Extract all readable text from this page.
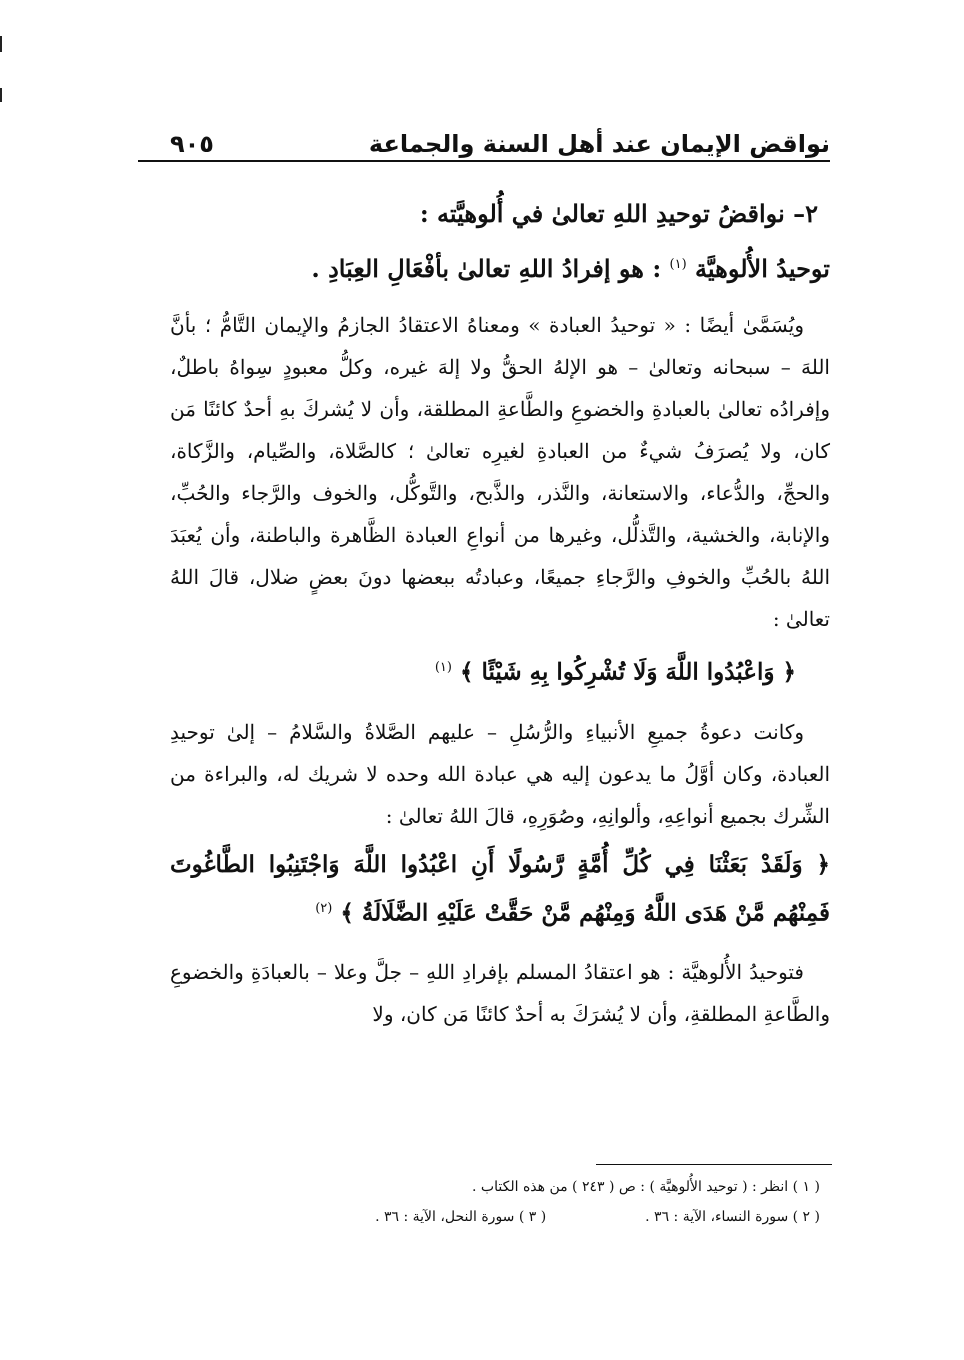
نواقض الإيمان عند أهل السنة والجماعة
٩٠٥

٢– نواقضُ توحيدِ اللهِ تعالىٰ في أُلوهيَّته :

توحيدُ الأُلوهيَّة $^{(١)}$ : هو إفرادُ اللهِ تعالىٰ بأفْعَالِ العِبَادِ .

ويُسَمَّىٰ أيضًا : « توحيدُ العبادة » ومعناهُ الاعتقادُ الجازمُ والإيمان التَّامُّ ؛ بأنَّ اللهَ – سبحانه وتعالىٰ – هو الإلهُ الحقُّ ولا إلهَ غيره، وكلُّ معبودٍ سِواهُ باطلٌ، وإفرادُه تعالىٰ بالعبادةِ والخضوعِ والطَّاعةِ المطلقة، وأن لا يُشركَ بهِ أحدٌ كائنًا مَن كان، ولا يُصرَفُ شيءٌ من العبادةِ لغيرِه تعالىٰ ؛ كالصَّلاة، والصِّيام، والزَّكاة، والحجِّ، والدُّعاء، والاستعانة، والنَّذر، والذَّبح، والتَّوكُّل، والخوف والرَّجاء والحُبِّ، والإنابة، والخشية، والتَّذلُّل، وغيرها من أنواعِ العبادة الظَّاهرة والباطنة، وأن يُعبَدَ اللهُ بالحُبِّ والخوفِ والرَّجاءِ جميعًا، وعبادتُه ببعضها دونَ بعضٍ ضلال، قالَ اللهُ تعالىٰ :

﴿ وَاعْبُدُوا اللَّهَ وَلَا تُشْرِكُوا بِهِ شَيْئًا ﴾ $^{(١)}$

وكانت دعوةُ جميعِ الأنبياءِ والرُّسُلِ – عليهم الصَّلاةُ والسَّلامُ – إلىٰ توحيدِ العبادة، وكان أوَّلُ ما يدعون إليه هي عبادة الله وحده لا شريك له، والبراءة من الشِّرك بجميع أنواعِهِ، وألوانِهِ، وصُوَرِهِ، قالَ اللهُ تعالىٰ :

﴿ وَلَقَدْ بَعَثْنَا فِي كُلِّ أُمَّةٍ رَّسُولًا أَنِ اعْبُدُوا اللَّهَ وَاجْتَنِبُوا الطَّاغُوتَ فَمِنْهُم مَّنْ هَدَى اللَّهُ وَمِنْهُم مَّنْ حَقَّتْ عَلَيْهِ الضَّلَالَةُ ﴾ $^{(٢)}$

فتوحيدُ الأُلوهيَّة : هو اعتقادُ المسلم بإفرادِ اللهِ – جلَّ وعلا – بالعبادَةِ والخضوعِ والطَّاعةِ المطلقةِ، وأن لا يُشرَكَ به أحدٌ كائنًا مَن كان، ولا

( ١ ) انظر : ( توحيد الأُلوهيَّة ) : ص ( ٢٤٣ ) من هذه الكتاب .

( ٢ ) سورة النساء، الآية : ٣٦ .  ( ٣ ) سورة النحل، الآية : ٣٦ .
